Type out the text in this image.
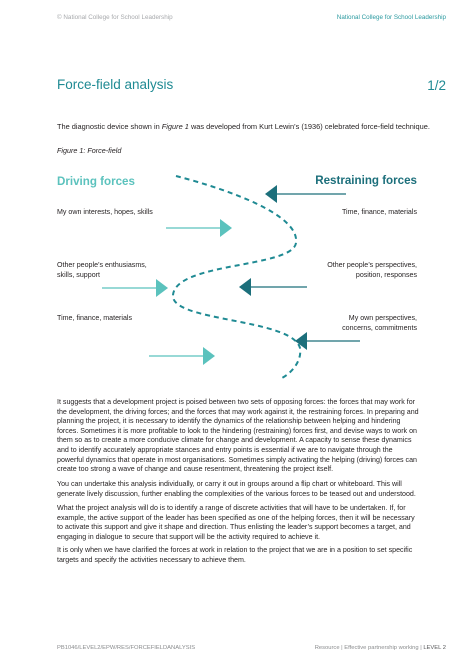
© National College for School Leadership	National College for School Leadership
Force-field analysis	1/2
The diagnostic device shown in Figure 1 was developed from Kurt Lewin’s (1936) celebrated force-field technique.
Figure 1: Force-field
Driving forces	Restraining forces
My own interests, hopes, skills
Other people’s enthusiasms,
skills, support
Time, finance, materials
Time, finance, materials
Other people’s perspectives,
position, responses
My own perspectives,
concerns, commitments

It suggests that a development project is poised between two sets of opposing forces: the forces that may work for the development, the driving forces; and the forces that may work against it, the restraining forces. In preparing and planning the project, it is necessary to identify the dynamics of the relationship between helping and hindering forces. Sometimes it is more profitable to look to the hindering (restraining) forces first, and devise ways to work on them so as to create a more conducive climate for change and development. A capacity to sense these dynamics and to identify accurately appropriate stances and entry points is essential if we are to navigate through the powerful dynamics that operate in most organisations. Sometimes simply activating the helping (driving) forces can create too strong a wave of change and cause resentment, threatening the project itself.

You can undertake this analysis individually, or carry it out in groups around a flip chart or whiteboard. This will generate lively discussion, further enabling the complexities of the various forces to be teased out and understood.

What the project analysis will do is to identify a range of discrete activities that will have to be undertaken. If, for example, the active support of the leader has been specified as one of the helping forces, then it will be necessary to activate this support and give it shape and direction. Thus enlisting the leader’s support becomes a target, and engaging in dialogue to secure that support will be the activity required to achieve it.

It is only when we have clarified the forces at work in relation to the project that we are in a position to set specific targets and specify the activities necessary to achieve them.

PB1046/LEVEL2/EPW/RES/FORCEFIELDANALYSIS	Resource | Effective partnership working | LEVEL 2
